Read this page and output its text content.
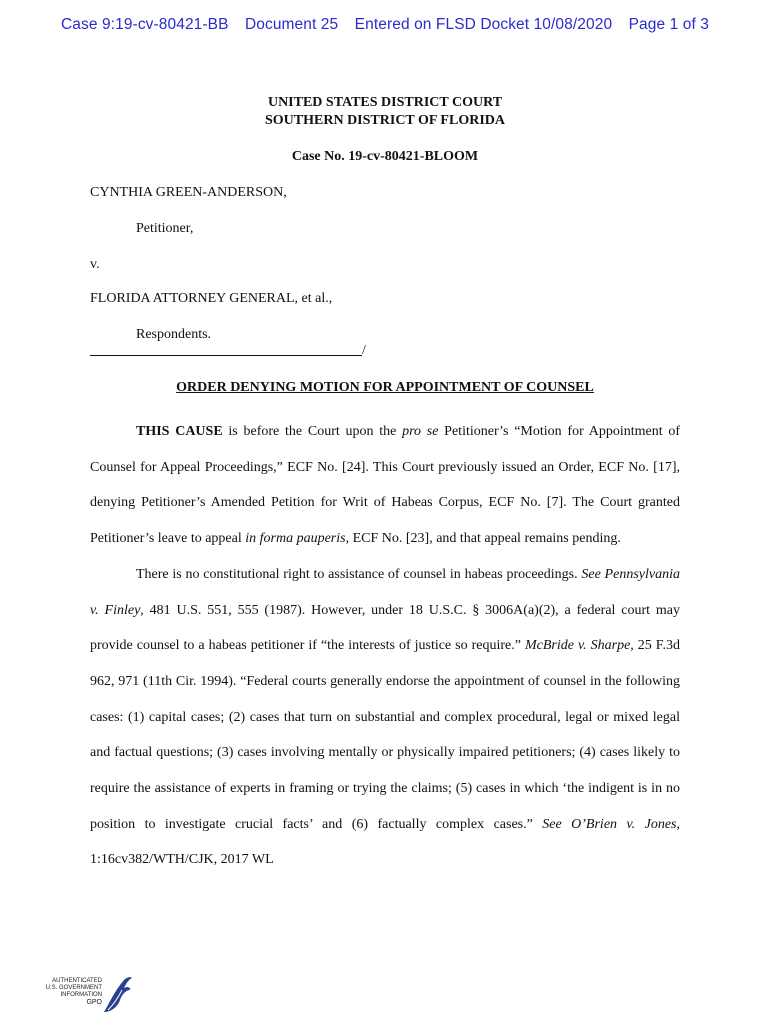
Case 9:19-cv-80421-BB Document 25 Entered on FLSD Docket 10/08/2020 Page 1 of 3
UNITED STATES DISTRICT COURT
SOUTHERN DISTRICT OF FLORIDA
Case No. 19-cv-80421-BLOOM
CYNTHIA GREEN-ANDERSON,
Petitioner,
v.
FLORIDA ATTORNEY GENERAL, et al.,
Respondents.
/
ORDER DENYING MOTION FOR APPOINTMENT OF COUNSEL

THIS CAUSE is before the Court upon the pro se Petitioner’s “Motion for Appointment of Counsel for Appeal Proceedings,” ECF No. [24]. This Court previously issued an Order, ECF No. [17], denying Petitioner’s Amended Petition for Writ of Habeas Corpus, ECF No. [7]. The Court granted Petitioner’s leave to appeal in forma pauperis, ECF No. [23], and that appeal remains pending.

There is no constitutional right to assistance of counsel in habeas proceedings. See Pennsylvania v. Finley, 481 U.S. 551, 555 (1987). However, under 18 U.S.C. § 3006A(a)(2), a federal court may provide counsel to a habeas petitioner if “the interests of justice so require.” McBride v. Sharpe, 25 F.3d 962, 971 (11th Cir. 1994). “Federal courts generally endorse the appointment of counsel in the following cases: (1) capital cases; (2) cases that turn on substantial and complex procedural, legal or mixed legal and factual questions; (3) cases involving mentally or physically impaired petitioners; (4) cases likely to require the assistance of experts in framing or trying the claims; (5) cases in which ‘the indigent is in no position to investigate crucial facts’ and (6) factually complex cases.” See O’Brien v. Jones, 1:16cv382/WTH/CJK, 2017 WL

AUTHENTICATED
U.S. GOVERNMENT
INFORMATION
GPO
